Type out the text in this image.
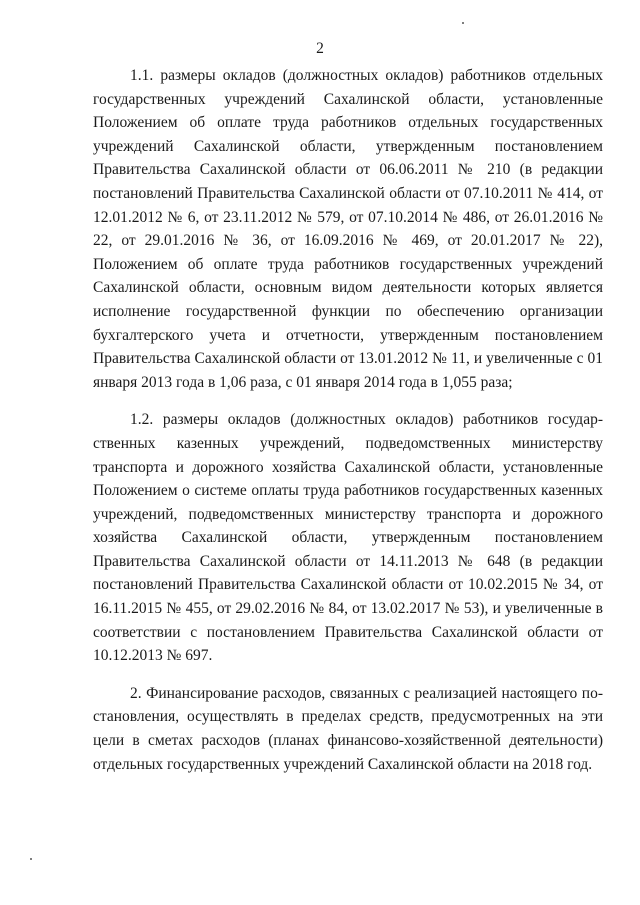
2

1.1. размеры окладов (должностных окладов) работников отдельных государственных учреждений Сахалинской области, установленные Положением об оплате труда работников отдельных государственных учреждений Сахалинской области, утвержденным постановлением Правительства Сахалинской области от 06.06.2011 № 210 (в редакции постановлений Правительства Сахалинской области от 07.10.2011 № 414, от 12.01.2012 № 6, от 23.11.2012 № 579, от 07.10.2014 № 486, от 26.01.2016 № 22, от 29.01.2016 № 36, от 16.09.2016 № 469, от 20.01.2017 № 22), Положением об оплате труда работников государственных учреждений Сахалинской области, основным видом деятельности которых является исполнение государственной функции по обеспечению организации бухгалтерского учета и отчетности, утвержденным постановлением Правительства Сахалинской области от 13.01.2012 № 11, и увеличенные с 01 января 2013 года в 1,06 раза, с 01 января 2014 года в 1,055 раза;

1.2. размеры окладов (должностных окладов) работников государственных казенных учреждений, подведомственных министерству транспорта и дорожного хозяйства Сахалинской области, установленные Положением о системе оплаты труда работников государственных казенных учреждений, подведомственных министерству транспорта и дорожного хозяйства Сахалинской области, утвержденным постановлением Правительства Сахалинской области от 14.11.2013 № 648 (в редакции постановлений Правительства Сахалинской области от 10.02.2015 № 34, от 16.11.2015 № 455, от 29.02.2016 № 84, от 13.02.2017 № 53), и увеличенные в соответствии с постановлением Правительства Сахалинской области от 10.12.2013 № 697.

2. Финансирование расходов, связанных с реализацией настоящего постановления, осуществлять в пределах средств, предусмотренных на эти цели в сметах расходов (планах финансово-хозяйственной деятельности) отдельных государственных учреждений Сахалинской области на 2018 год.
